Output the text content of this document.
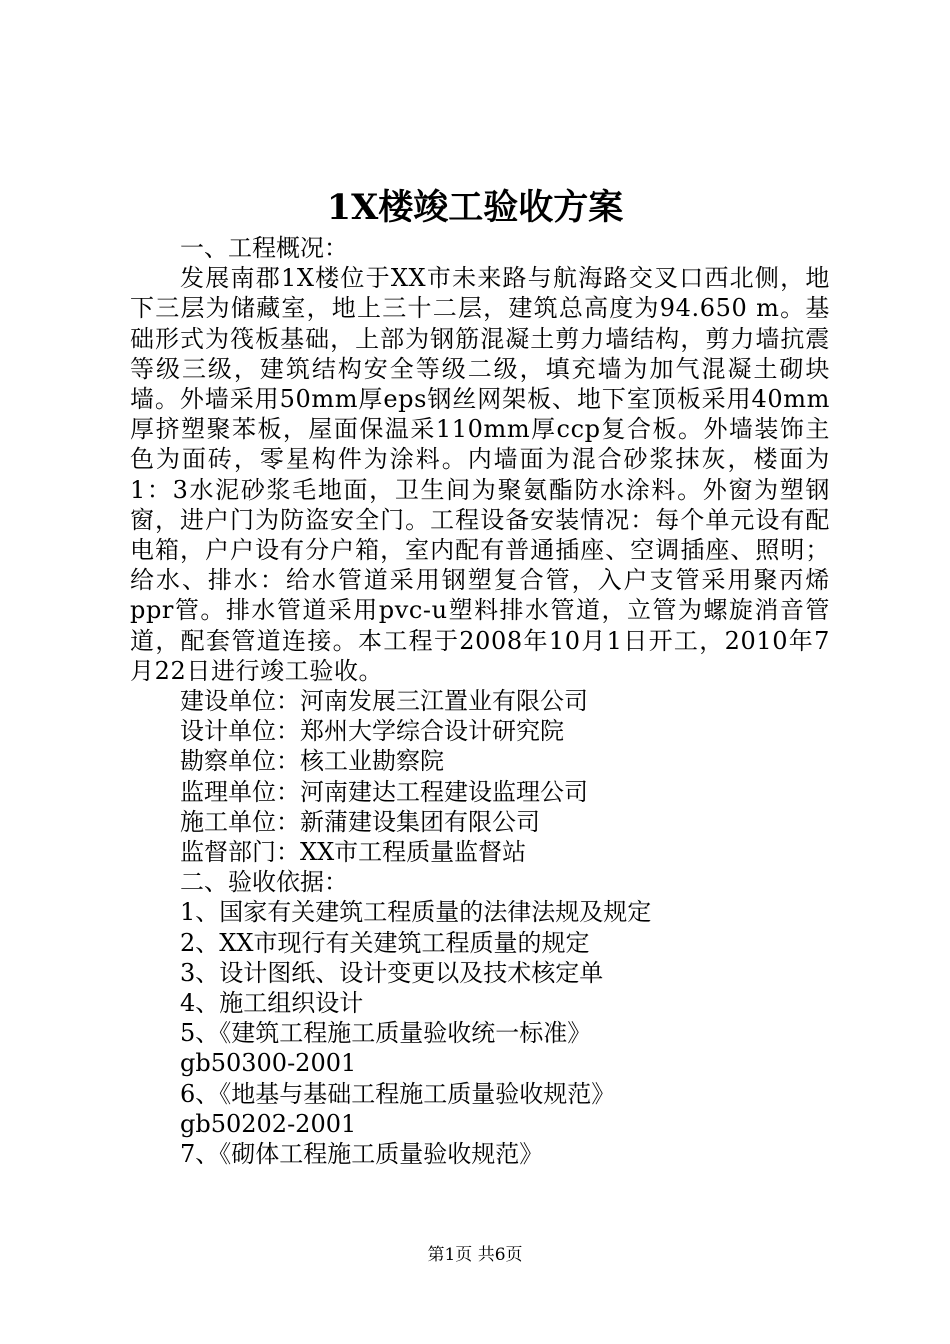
1X楼竣工验收方案

一、工程概况：

发展南郡1X楼位于XX市未来路与航海路交叉口西北侧，地下三层为储藏室，地上三十二层，建筑总高度为94.650 m。基础形式为筏板基础，上部为钢筋混凝土剪力墙结构，剪力墙抗震等级三级，建筑结构安全等级二级，填充墙为加气混凝土砌块墙。外墙采用50mm厚eps钢丝网架板、地下室顶板采用40mm厚挤塑聚苯板，屋面保温采110mm厚ccp复合板。外墙装饰主色为面砖，零星构件为涂料。内墙面为混合砂浆抹灰，楼面为1：3水泥砂浆毛地面，卫生间为聚氨酯防水涂料。外窗为塑钢窗，进户门为防盗安全门。工程设备安装情况：每个单元设有配电箱，户户设有分户箱，室内配有普通插座、空调插座、照明；给水、排水：给水管道采用钢塑复合管，入户支管采用聚丙烯ppr管。排水管道采用pvc-u塑料排水管道，立管为螺旋消音管道，配套管道连接。本工程于2008年10月1日开工，2010年7月22日进行竣工验收。

建设单位：河南发展三江置业有限公司

设计单位：郑州大学综合设计研究院

勘察单位：核工业勘察院

监理单位：河南建达工程建设监理公司

施工单位：新蒲建设集团有限公司

监督部门：XX市工程质量监督站

二、验收依据：

1、国家有关建筑工程质量的法律法规及规定

2、XX市现行有关建筑工程质量的规定

3、设计图纸、设计变更以及技术核定单

4、施工组织设计

5、《建筑工程施工质量验收统一标准》

gb50300-2001

6、《地基与基础工程施工质量验收规范》

gb50202-2001

7、《砌体工程施工质量验收规范》

第1页 共6页
